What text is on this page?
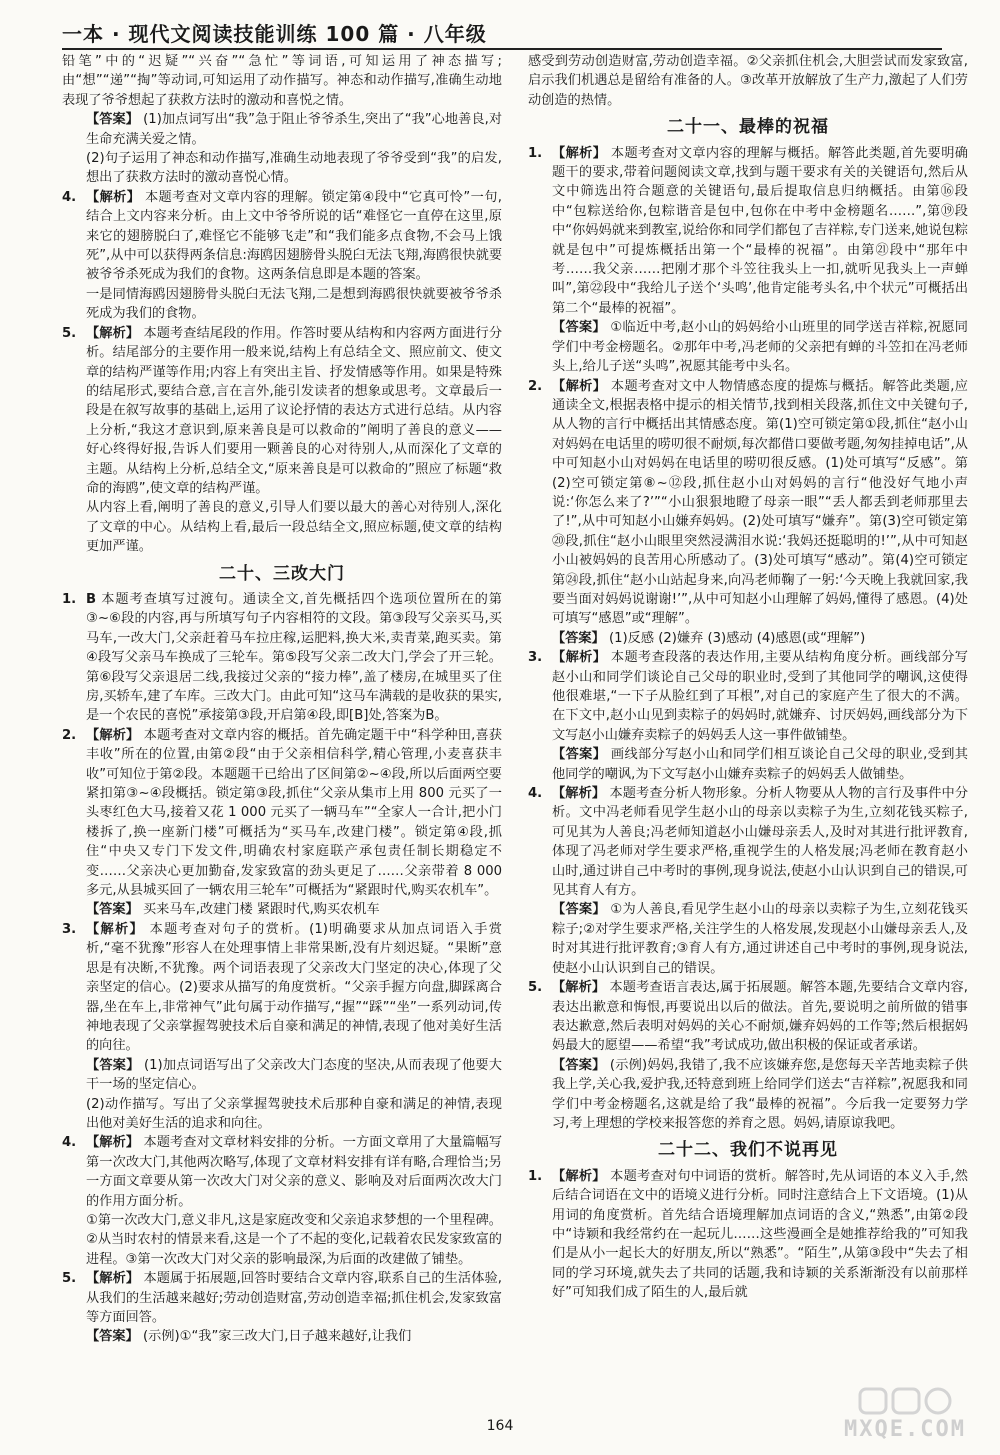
一本 · 现代文阅读技能训练 100 篇 · 八年级

铅笔”中的“迟疑”“兴奋”“急忙”等词语,可知运用了神态描写;由“想”“递”“掏”等动词,可知运用了动作描写。神态和动作描写,准确生动地表现了爷爷想起了获救方法时的激动和喜悦之情。

【答案】 (1)加点词写出“我”急于阻止爷爷杀生,突出了“我”心地善良,对生命充满关爱之情。

(2)句子运用了神态和动作描写,准确生动地表现了爷爷受到“我”的启发,想出了获救方法时的激动喜悦心情。

4. 【解析】 本题考查对文章内容的理解。锁定第④段中“它真可怜”一句,结合上文内容来分析。由上文中爷爷所说的话“难怪它一直停在这里,原来它的翅膀脱臼了,难怪它不能够飞走”和“我们能多点食物,不会马上饿死”,从中可以获得两条信息:海鸥因翅膀骨头脱臼无法飞翔,海鸥很快就要被爷爷杀死成为我们的食物。这两条信息即是本题的答案。

一是同情海鸥因翅膀骨头脱臼无法飞翔,二是想到海鸥很快就要被爷爷杀死成为我们的食物。

5. 【解析】 本题考查结尾段的作用。作答时要从结构和内容两方面进行分析。结尾部分的主要作用一般来说,结构上有总结全文、照应前文、使文章的结构严谨等作用;内容上有突出主旨、抒发情感等作用。如果是特殊的结尾形式,要结合意,言在言外,能引发读者的想象或思考。文章最后一段是在叙写故事的基础上,运用了议论抒情的表达方式进行总结。从内容上分析,“我这才意识到,原来善良是可以救命的”阐明了善良的意义——好心终得好报,告诉人们要用一颗善良的心对待别人,从而深化了文章的主题。从结构上分析,总结全文,“原来善良是可以救命的”照应了标题“救命的海鸥”,使文章的结构严谨。

从内容上看,阐明了善良的意义,引导人们要以最大的善心对待别人,深化了文章的中心。从结构上看,最后一段总结全文,照应标题,使文章的结构更加严谨。

二十、三改大门

1. B 本题考查填写过渡句。通读全文,首先概括四个选项位置所在的第③~⑥段的内容,再与所填写句子内容相符的文段。第③段写父亲买马,买马车,一改大门,父亲赶着马车拉庄稼,运肥料,换大米,卖青菜,跑买卖。第④段写父亲马车换成了三轮车。第⑤段写父亲二改大门,学会了开三轮。第⑥段写父亲退居二线,我接过父亲的“接力棒”,盖了楼房,在城里买了住房,买轿车,建了车库。三改大门。由此可知“这马车满载的是收获的果实,是一个农民的喜悦”承接第③段,开启第④段,即[B]处,答案为B。

2. 【解析】 本题考查对文章内容的概括。首先确定题干中“科学种田,喜获丰收”所在的位置,由第②段“由于父亲相信科学,精心管理,小麦喜获丰收”可知位于第②段。本题题干已给出了区间第②~④段,所以后面两空要紧扣第③~④段概括。锁定第③段,抓住“父亲从集市上用 800 元买了一头枣红色大马,接着又花 1 000 元买了一辆马车”“全家人一合计,把小门楼拆了,换一座新门楼”可概括为“买马车,改建门楼”。锁定第④段,抓住“中央又专门下发文件,明确农村家庭联产承包责任制长期稳定不变……父亲决心更加勤奋,发家致富的劲头更足了……父亲带着 8 000 多元,从县城买回了一辆农用三轮车”可概括为“紧跟时代,购买农机车”。

【答案】 买来马车,改建门楼 紧跟时代,购买农机车

3. 【解析】 本题考查对句子的赏析。(1)明确要求从加点词语入手赏析,“毫不犹豫”形容人在处理事情上非常果断,没有片刻迟疑。“果断”意思是有决断,不犹豫。两个词语表现了父亲改大门坚定的决心,体现了父亲坚定的信心。(2)要求从描写的角度赏析。“父亲手握方向盘,脚踩离合器,坐在车上,非常神气”此句属于动作描写,“握”“踩”“坐”一系列动词,传神地表现了父亲掌握驾驶技术后自豪和满足的神情,表现了他对美好生活的向往。

【答案】 (1)加点词语写出了父亲改大门态度的坚决,从而表现了他要大干一场的坚定信心。

(2)动作描写。写出了父亲掌握驾驶技术后那种自豪和满足的神情,表现出他对美好生活的追求和向往。

4. 【解析】 本题考查对文章材料安排的分析。一方面文章用了大量篇幅写第一次改大门,其他两次略写,体现了文章材料安排有详有略,合理恰当;另一方面文章要从第一次改大门对父亲的意义、影响及对后面两次改大门的作用方面分析。

①第一次改大门,意义非凡,这是家庭改变和父亲追求梦想的一个里程碑。②从当时农村的情景来看,这是一个了不起的变化,记载着农民发家致富的进程。③第一次改大门对父亲的影响最深,为后面的改建做了铺垫。

5. 【解析】 本题属于拓展题,回答时要结合文章内容,联系自己的生活体验,从我们的生活越来越好;劳动创造财富,劳动创造幸福;抓住机会,发家致富等方面回答。

【答案】 (示例)①“我”家三改大门,日子越来越好,让我们

感受到劳动创造财富,劳动创造幸福。②父亲抓住机会,大胆尝试而发家致富,启示我们机遇总是留给有准备的人。③改革开放解放了生产力,激起了人们劳动创造的热情。

二十一、最棒的祝福

1. 【解析】 本题考查对文章内容的理解与概括。解答此类题,首先要明确题干的要求,带着问题阅读文章,找到与题干要求有关的关键语句,然后从文中筛选出符合题意的关键语句,最后提取信息归纳概括。由第⑯段中“包粽送给你,包粽谐音是包中,包你在中考中金榜题名……”,第⑲段中“你妈妈就来到教室,说给你和同学们都包了吉祥粽,专门送来,她说包粽就是包中”可提炼概括出第一个“最棒的祝福”。由第㉑段中“那年中考……我父亲……把刚才那个斗笠往我头上一扣,就听见我头上一声蝉叫”,第㉒段中“我给儿子送个‘头鸣’,他肯定能考头名,中个状元”可概括出第二个“最棒的祝福”。

【答案】 ①临近中考,赵小山的妈妈给小山班里的同学送吉祥粽,祝愿同学们中考金榜题名。②那年中考,冯老师的父亲把有蝉的斗笠扣在冯老师头上,给儿子送“头鸣”,祝愿其能考中头名。

2. 【解析】 本题考查对文中人物情感态度的提炼与概括。解答此类题,应通读全文,根据表格中提示的相关情节,找到相关段落,抓住文中关键句子,从人物的言行中概括出其情感态度。第(1)空可锁定第①段,抓住“赵小山对妈妈在电话里的唠叨很不耐烦,每次都借口要做考题,匆匆挂掉电话”,从中可知赵小山对妈妈在电话里的唠叨很反感。(1)处可填写“反感”。第(2)空可锁定第⑧~⑫段,抓住赵小山对妈妈的言行“他没好气地小声说:‘你怎么来了?’”“小山狠狠地瞪了母亲一眼”“丢人都丢到老师那里去了!”,从中可知赵小山嫌弃妈妈。(2)处可填写“嫌弃”。第(3)空可锁定第⑳段,抓住“赵小山眼里突然浸满泪水说:‘我妈还挺聪明的!’”,从中可知赵小山被妈妈的良苦用心所感动了。(3)处可填写“感动”。第(4)空可锁定第㉔段,抓住“赵小山站起身来,向冯老师鞠了一躬:‘今天晚上我就回家,我要当面对妈妈说谢谢!’”,从中可知赵小山理解了妈妈,懂得了感恩。(4)处可填写“感恩”或“理解”。

【答案】 (1)反感 (2)嫌弃 (3)感动 (4)感恩(或“理解”)

3. 【解析】 本题考查段落的表达作用,主要从结构角度分析。画线部分写赵小山和同学们谈论自己父母的职业时,受到了其他同学的嘲讽,这使得他很难堪,“一下子从脸红到了耳根”,对自己的家庭产生了很大的不满。在下文中,赵小山见到卖粽子的妈妈时,就嫌弃、讨厌妈妈,画线部分为下文写赵小山嫌弃卖粽子的妈妈丢人这一事件做铺垫。

【答案】 画线部分写赵小山和同学们相互谈论自己父母的职业,受到其他同学的嘲讽,为下文写赵小山嫌弃卖粽子的妈妈丢人做铺垫。

4. 【解析】 本题考查分析人物形象。分析人物要从人物的言行及事件中分析。文中冯老师看见学生赵小山的母亲以卖粽子为生,立刻花钱买粽子,可见其为人善良;冯老师知道赵小山嫌母亲丢人,及时对其进行批评教育,体现了冯老师对学生要求严格,重视学生的人格发展;冯老师在教育赵小山时,通过讲自己中考时的事例,现身说法,使赵小山认识到自己的错误,可见其育人有方。

【答案】 ①为人善良,看见学生赵小山的母亲以卖粽子为生,立刻花钱买粽子;②对学生要求严格,关注学生的人格发展,发现赵小山嫌母亲丢人,及时对其进行批评教育;③育人有方,通过讲述自己中考时的事例,现身说法,使赵小山认识到自己的错误。

5. 【解析】 本题考查语言表达,属于拓展题。解答本题,先要结合文章内容,表达出歉意和悔恨,再要说出以后的做法。首先,要说明之前所做的错事表达歉意,然后表明对妈妈的关心不耐烦,嫌弃妈妈的工作等;然后根据妈妈最大的愿望——希望“我”考试成功,做出积极的保证或者承诺。

【答案】 (示例)妈妈,我错了,我不应该嫌弃您,是您每天辛苦地卖粽子供我上学,关心我,爱护我,还特意到班上给同学们送去“吉祥粽”,祝愿我和同学们中考金榜题名,这就是给了我“最棒的祝福”。今后我一定要努力学习,考上理想的学校来报答您的养育之恩。妈妈,请原谅我吧。

二十二、我们不说再见

1. 【解析】 本题考查对句中词语的赏析。解答时,先从词语的本义入手,然后结合词语在文中的语境义进行分析。同时注意结合上下文语境。(1)从用词的角度赏析。首先结合语境理解加点词语的含义,“熟悉”,由第②段中“诗颖和我经常约在一起玩儿……这些漫画全是她推荐给我的”可知我们是从小一起长大的好朋友,所以“熟悉”。“陌生”,从第③段中“失去了相同的学习环境,就失去了共同的话题,我和诗颖的关系渐渐没有以前那样好”可知我们成了陌生的人,最后就

164	MXQE.COM
